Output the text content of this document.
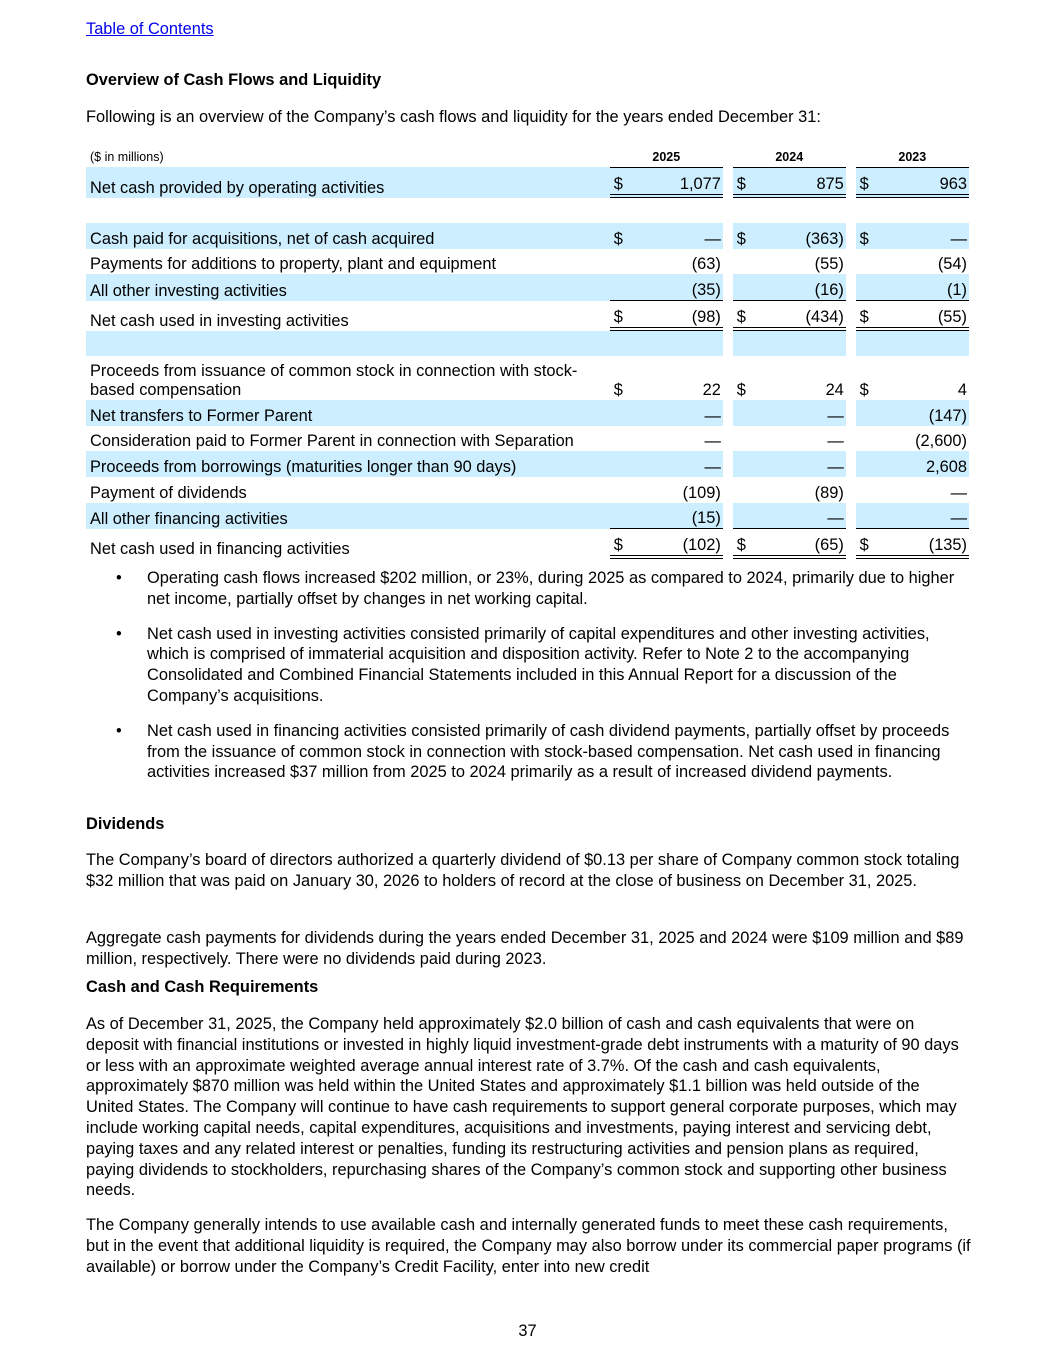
Table of Contents
Overview of Cash Flows and Liquidity

Following is an overview of the Company’s cash flows and liquidity for the years ended December 31:

($ in millions)	2025			2024			2023	
Net cash provided by operating activities	$	1,077		$	875		$	963

Cash paid for acquisitions, net of cash acquired	$	—		$	(363)		$	—
Payments for additions to property, plant and equipment		(63)			(55)			(54)
All other investing activities		(35)			(16)			(1)
Net cash used in investing activities	$	(98)		$	(434)		$	(55)

Proceeds from issuance of common stock in connection with stock-based compensation	$	22		$	24		$	4
Net transfers to Former Parent		—			—			(147)
Consideration paid to Former Parent in connection with Separation		—			—			(2,600)
Proceeds from borrowings (maturities longer than 90 days)		—			—			2,608
Payment of dividends		(109)			(89)			—
All other financing activities		(15)			—			—
Net cash used in financing activities	$	(102)		$	(65)		$	(135)
• Operating cash flows increased $202 million, or 23%, during 2025 as compared to 2024, primarily due to higher net income, partially offset by changes in net working capital.
• Net cash used in investing activities consisted primarily of capital expenditures and other investing activities, which is comprised of immaterial acquisition and disposition activity. Refer to Note 2 to the accompanying Consolidated and Combined Financial Statements included in this Annual Report for a discussion of the Company’s acquisitions.
• Net cash used in financing activities consisted primarily of cash dividend payments, partially offset by proceeds from the issuance of common stock in connection with stock-based compensation. Net cash used in financing activities increased $37 million from 2025 to 2024 primarily as a result of increased dividend payments.
Dividends

The Company’s board of directors authorized a quarterly dividend of $0.13 per share of Company common stock totaling $32 million that was paid on January 30, 2026 to holders of record at the close of business on December 31, 2025.

Aggregate cash payments for dividends during the years ended December 31, 2025 and 2024 were $109 million and $89 million, respectively. There were no dividends paid during 2023.

Cash and Cash Requirements

As of December 31, 2025, the Company held approximately $2.0 billion of cash and cash equivalents that were on deposit with financial institutions or invested in highly liquid investment-grade debt instruments with a maturity of 90 days or less with an approximate weighted average annual interest rate of 3.7%. Of the cash and cash equivalents, approximately $870 million was held within the United States and approximately $1.1 billion was held outside of the United States. The Company will continue to have cash requirements to support general corporate purposes, which may include working capital needs, capital expenditures, acquisitions and investments, paying interest and servicing debt, paying taxes and any related interest or penalties, funding its restructuring activities and pension plans as required, paying dividends to stockholders, repurchasing shares of the Company’s common stock and supporting other business needs.

The Company generally intends to use available cash and internally generated funds to meet these cash requirements, but in the event that additional liquidity is required, the Company may also borrow under its commercial paper programs (if available) or borrow under the Company’s Credit Facility, enter into new credit

37
